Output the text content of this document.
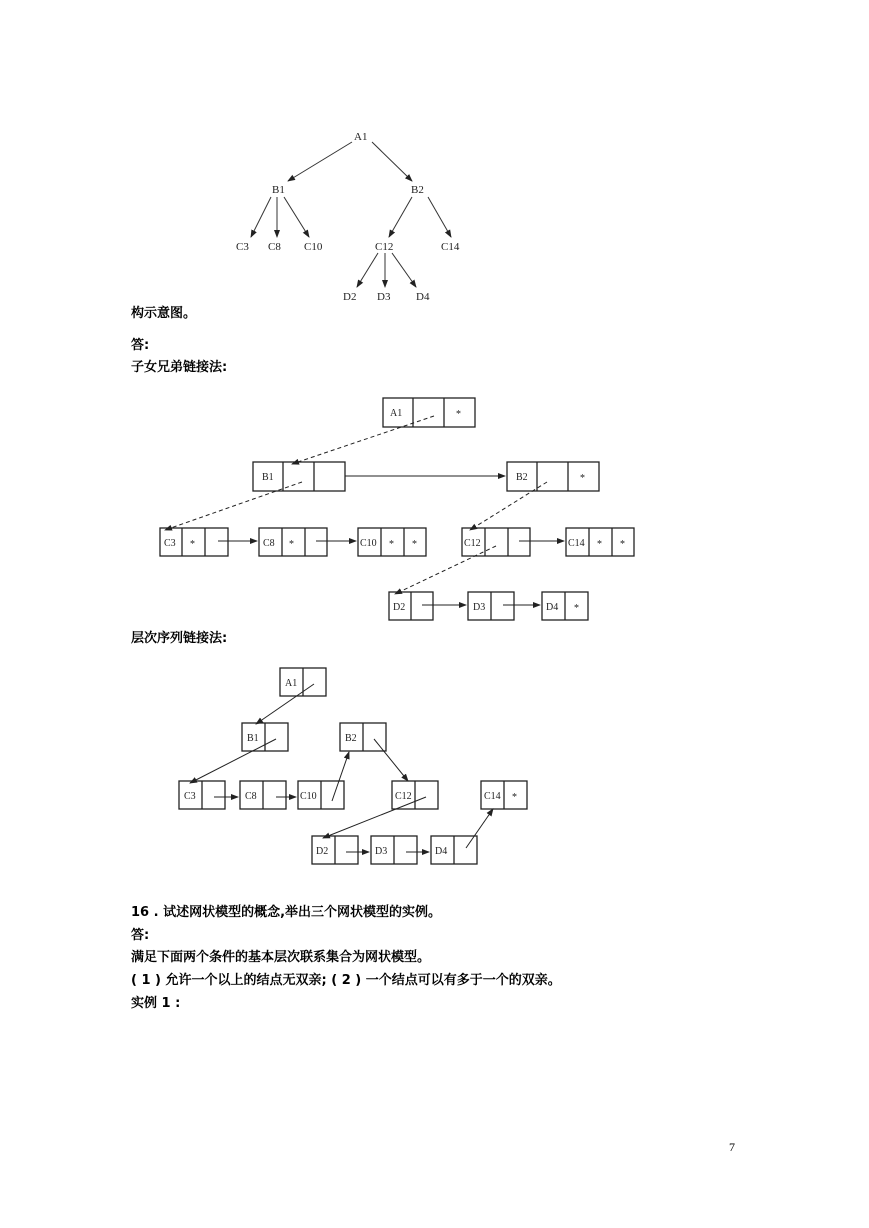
A1
B1	B2
C3 C8 C10	C12	C14
D2 D3 D4
构示意图。
答:
子女兄弟链接法:
A1	*
B1	B2	*
C3 *	C8 *	C10 * *	C12	C14 * *
D2	D3	D4 *
层次序列链接法:
A1
B1	B2
C3	C8	C10	C12	C14 *
D2	D3	D4
16 . 试述网状模型的概念,举出三个网状模型的实例。
答:
满足下面两个条件的基本层次联系集合为网状模型。
( 1 ) 允许一个以上的结点无双亲; ( 2 ) 一个结点可以有多于一个的双亲。
实例 1 :
7
